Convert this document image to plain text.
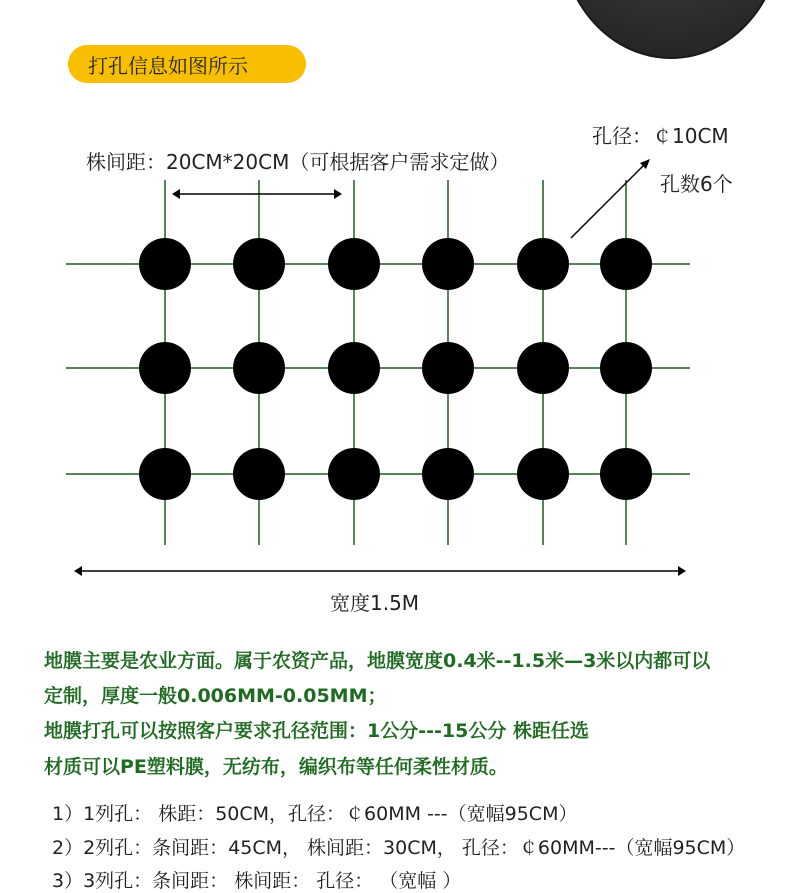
打孔信息如图所示
株间距：20CM*20CM（可根据客户需求定做）
孔径：￠10CM
孔数6个
宽度1.5M
地膜主要是农业方面。属于农资产品，地膜宽度0.4米--1.5米—3米以内都可以
定制，厚度一般0.006MM-0.05MM；
地膜打孔可以按照客户要求孔径范围：1公分---15公分 株距任选
材质可以PE塑料膜，无纺布，编织布等任何柔性材质。
1）1列孔： 株距：50CM，孔径：￠60MM ---（宽幅95CM）
2）2列孔：条间距：45CM， 株间距：30CM， 孔径：￠60MM---（宽幅95CM）
3）3列孔：条间距： 株间距： 孔径： （宽幅 ）
